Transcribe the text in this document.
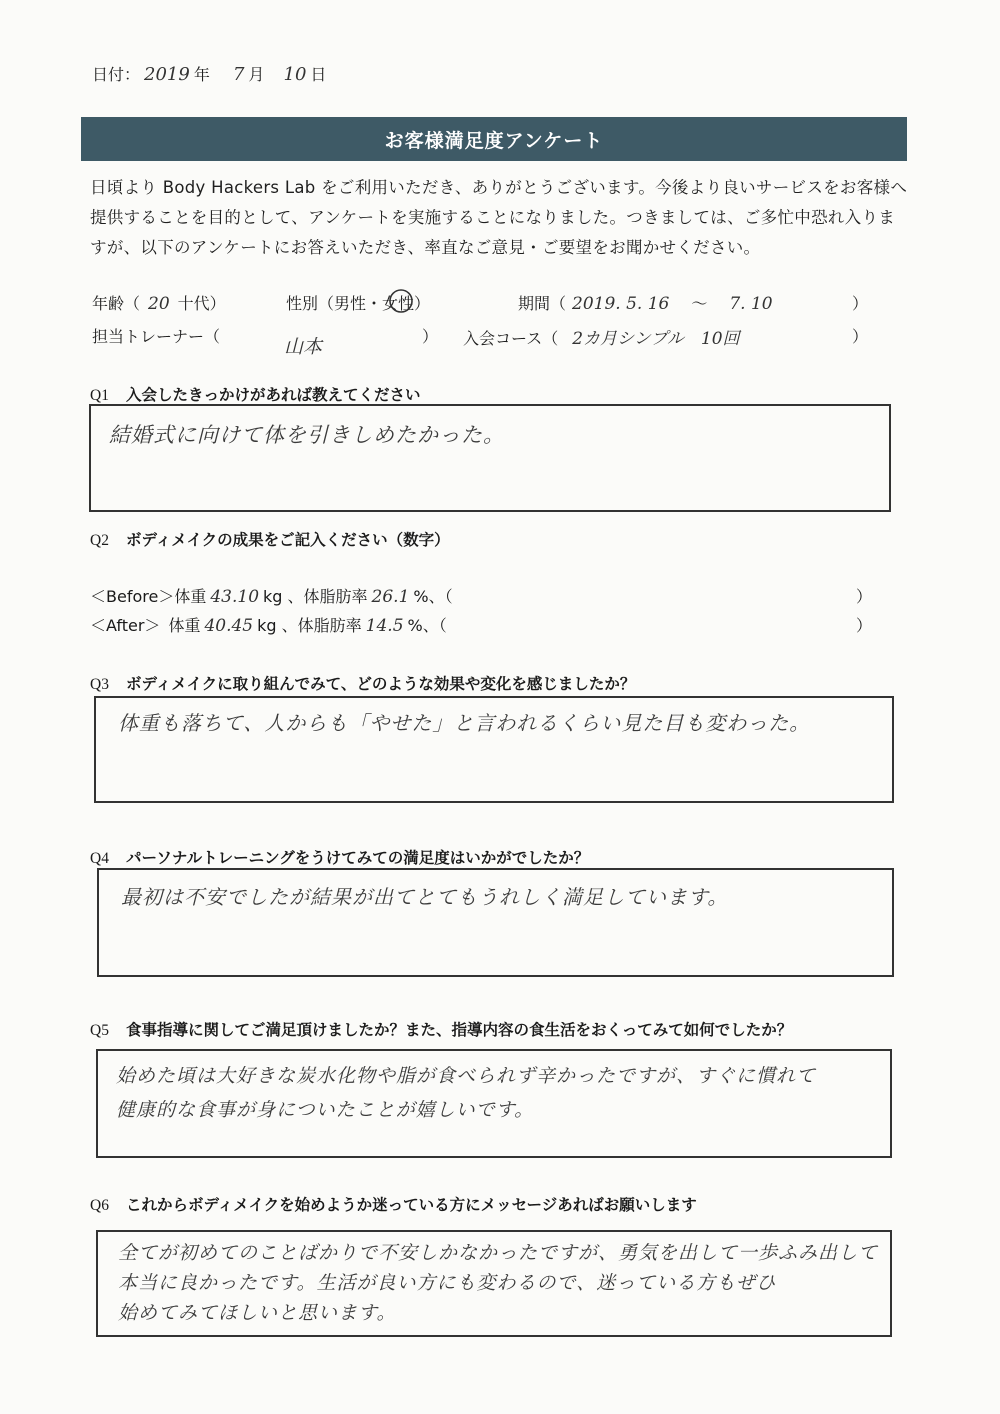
日付： 2019 年 7 月 10 日
お客様満足度アンケート
日頃より Body Hackers Lab をご利用いただき、ありがとうございます。今後より良いサービスをお客様へ提供することを目的として、アンケートを実施することになりました。つきましては、ご多忙中恐れ入りますが、以下のアンケートにお答えいただき、率直なご意見・ご要望をお聞かせください。
年齢（ 20 十代）	性別（男性・女性）	期間（ 2019. 5. 16 〜 7. 10	）
担当トレーナー（	山本	） 入会コース（ 2カ月シンプル　10回	）
Q1 入会したきっかけがあれば教えてください
結婚式に向けて体を引きしめたかった。
Q2 ボディメイクの成果をご記入ください（数字）
＜Before＞体重 43.10 kg 、体脂肪率 26.1 %、（	）
＜After＞ 体重 40.45 kg 、体脂肪率 14.5 %、（	）
Q3 ボディメイクに取り組んでみて、どのような効果や変化を感じましたか？
体重も落ちて、人からも「やせた」と言われるくらい見た目も変わった。
Q4 パーソナルトレーニングをうけてみての満足度はいかがでしたか？
最初は不安でしたが結果が出てとてもうれしく満足しています。
Q5 食事指導に関してご満足頂けましたか？また、指導内容の食生活をおくってみて如何でしたか？
始めた頃は大好きな炭水化物や脂が食べられず辛かったですが、すぐに慣れて
健康的な食事が身についたことが嬉しいです。
Q6 これからボディメイクを始めようか迷っている方にメッセージあればお願いします
全てが初めてのことばかりで不安しかなかったですが、勇気を出して一歩ふみ出して
本当に良かったです。生活が良い方にも変わるので、迷っている方もぜひ
始めてみてほしいと思います。
